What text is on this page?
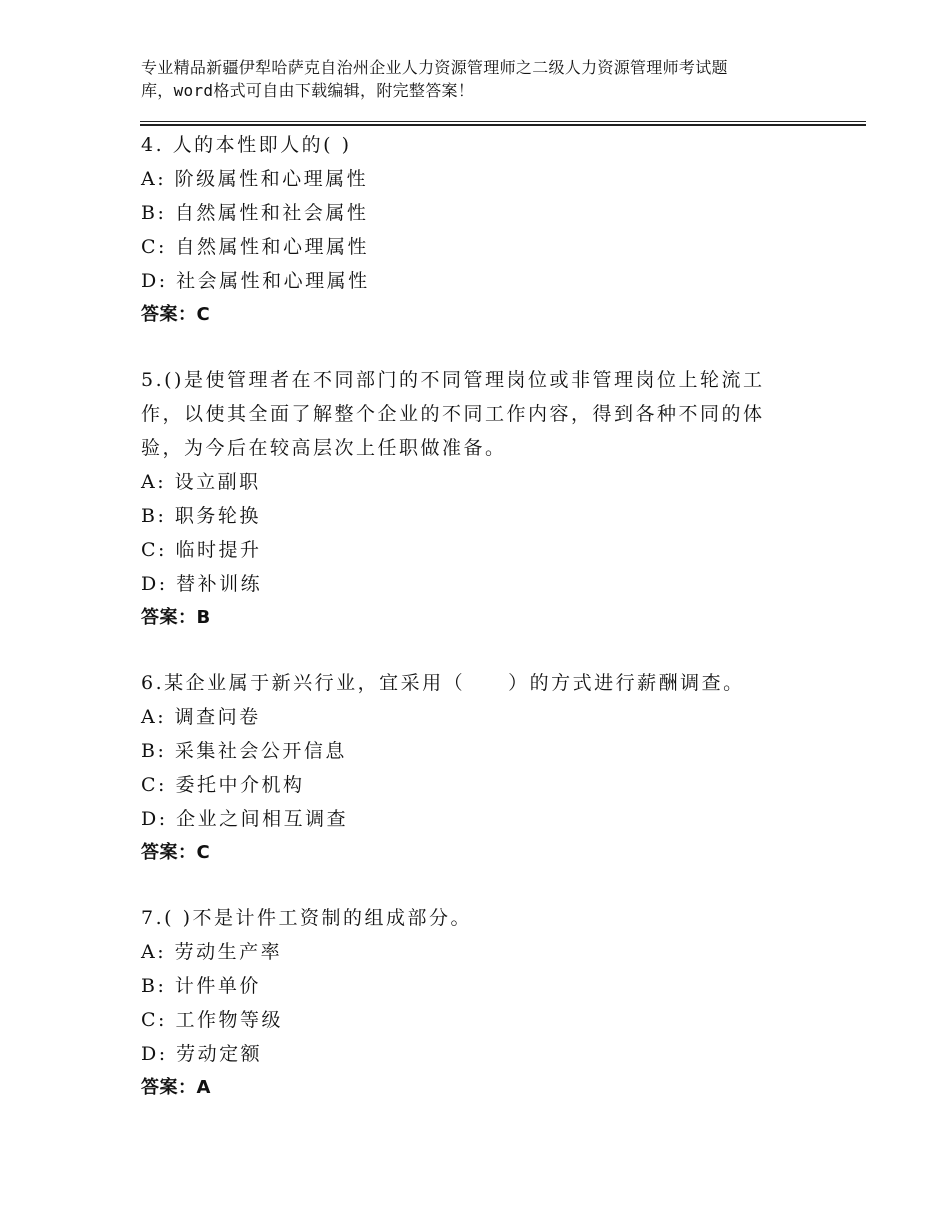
专业精品新疆伊犁哈萨克自治州企业人力资源管理师之二级人力资源管理师考试题
库，word格式可自由下载编辑，附完整答案！
4. 人的本性即人的( )
A: 阶级属性和心理属性
B: 自然属性和社会属性
C: 自然属性和心理属性
D: 社会属性和心理属性
答案：C
5.()是使管理者在不同部门的不同管理岗位或非管理岗位上轮流工
作，以使其全面了解整个企业的不同工作内容，得到各种不同的体
验，为今后在较高层次上任职做准备。
A: 设立副职
B: 职务轮换
C: 临时提升
D: 替补训练
答案：B
6.某企业属于新兴行业，宜采用（　　）的方式进行薪酬调查。
A: 调查问卷
B: 采集社会公开信息
C: 委托中介机构
D: 企业之间相互调查
答案：C
7.( )不是计件工资制的组成部分。
A: 劳动生产率
B: 计件单价
C: 工作物等级
D: 劳动定额
答案：A
